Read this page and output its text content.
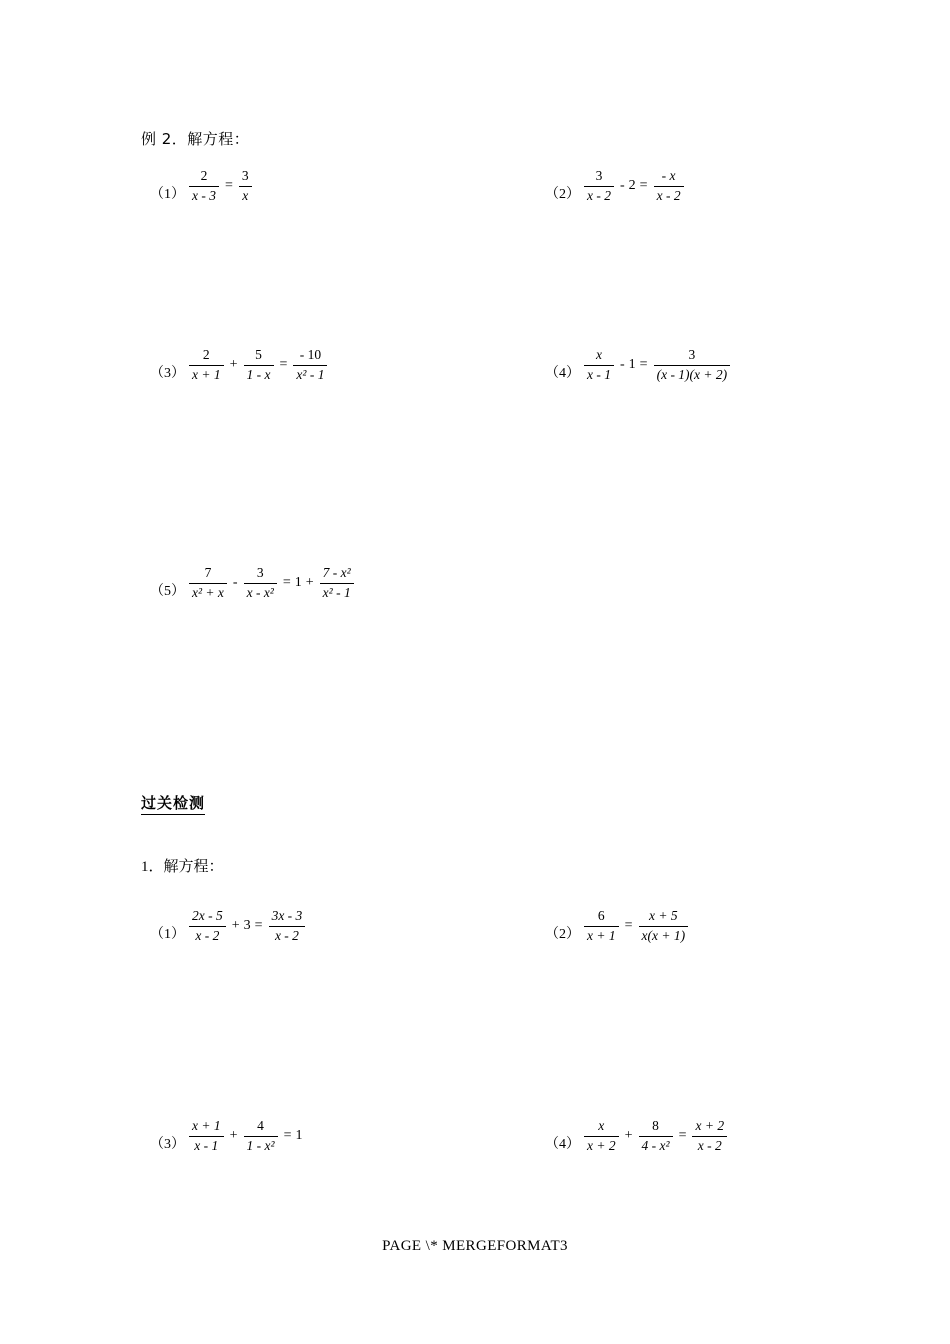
例 2．解方程：
$(1) \frac{2}{x - 3} = \frac{3}{x}$	$(2) \frac{3}{x - 2} - 2 = \frac{- x}{x - 2}$
$(3) \frac{2}{x + 1} + \frac{5}{1 - x} = \frac{- 10}{\text{x² - 1}}$	$(4) \frac{x}{x - 1} - 1 = \frac{3}{(x - 1)(x + 2)}$
$(5) \frac{7}{\text{x² + x}} - \frac{3}{\text{x - x²}} = 1 + \frac{\text{7 - x²}}{\text{x² - 1}}$
过关检测
1．解方程：
$(1) \frac{2x - 5}{x - 2} + 3 = \frac{3x - 3}{x - 2}$	$(2) \frac{6}{x + 1} = \frac{x + 5}{x(x + 1)}$
$(3) \frac{x + 1}{x - 1} + \frac{4}{\text{1 - x²}} = 1$
$(4) \frac{x}{x + 2} + \frac{8}{\text{4 - x²}} = \frac{x + 2}{x - 2}$
PAGE \* MERGEFORMAT3
